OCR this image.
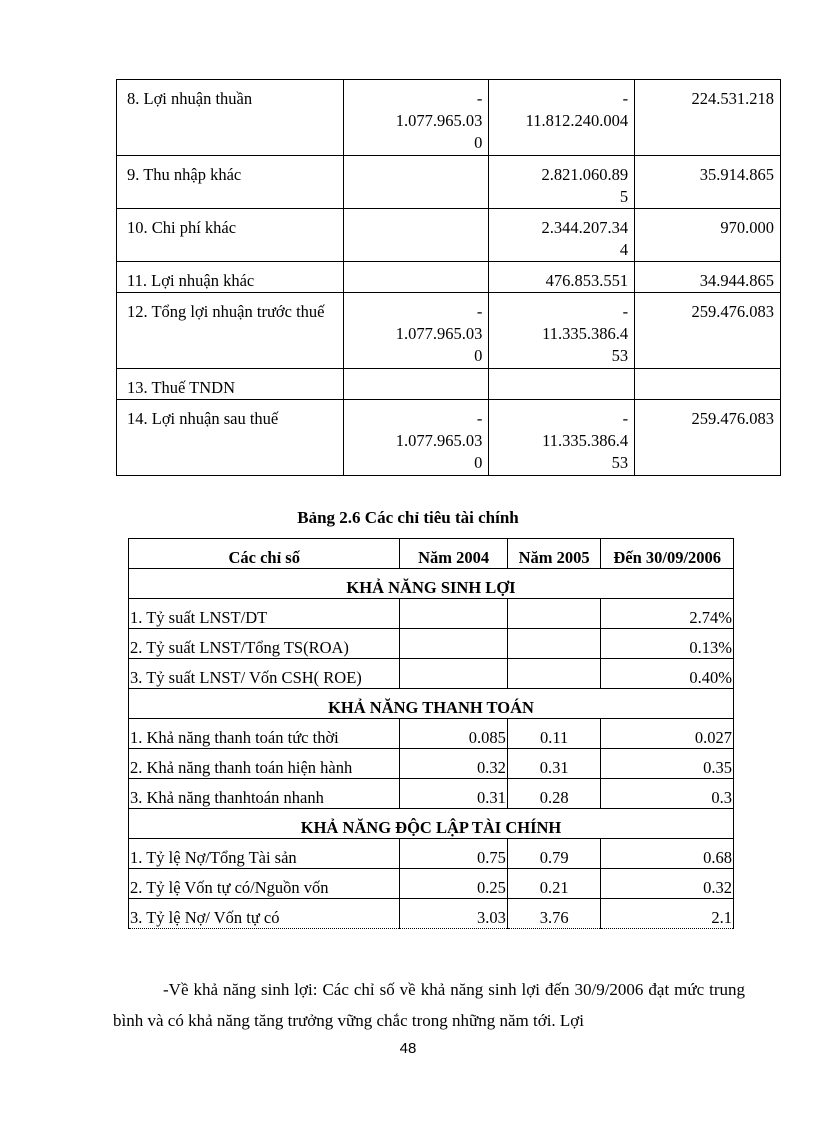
8. Lợi nhuận thuần	-
1.077.965.03
0	-
11.812.240.004	224.531.218

9. Thu nhập khác		2.821.060.89
5	35.914.865

10. Chi phí khác		2.344.207.34
4	970.000

11. Lợi nhuận khác		476.853.551	34.944.865

12. Tổng lợi nhuận trước thuế	-
1.077.965.03
0	-
11.335.386.4
53	259.476.083

13. Thuế TNDN	

14. Lợi nhuận sau thuế	-
1.077.965.03
0	-
11.335.386.4
53	259.476.083
Bảng 2.6 Các chỉ tiêu tài chính
Các chỉ số	Năm 2004	Năm 2005	Đến 30/09/2006
KHẢ NĂNG SINH LỢI			
1. Tỷ suất LNST/DT			2.74%
2. Tỷ suất LNST/Tổng TS(ROA)			0.13%
3. Tỷ suất LNST/ Vốn CSH( ROE)			0.40%
KHẢ NĂNG THANH TOÁN			
1. Khả năng thanh toán tức thời	0.085	0.11	0.027
2. Khả năng thanh toán hiện hành	0.32	0.31	0.35
3. Khả năng thanhtoán nhanh	0.31	0.28	0.3
KHẢ NĂNG ĐỘC LẬP TÀI CHÍNH			
1. Tỷ lệ Nợ/Tổng Tài sản	0.75	0.79	0.68
2. Tỷ lệ Vốn tự có/Nguồn vốn	0.25	0.21	0.32
3. Tỷ lệ Nợ/ Vốn tự có	3.03	3.76	2.1

-Về khả năng sinh lợi: Các chỉ số về khả năng sinh lợi đến 30/9/2006 đạt mức trung bình và có khả năng tăng trưởng vững chắc trong những năm tới. Lợi

48
